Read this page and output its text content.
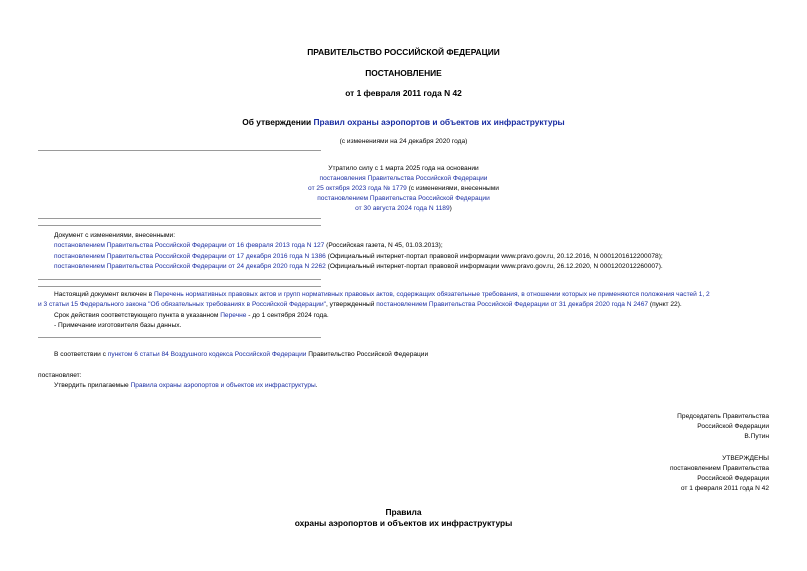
ПРАВИТЕЛЬСТВО РОССИЙСКОЙ ФЕДЕРАЦИИ
ПОСТАНОВЛЕНИЕ
от 1 февраля 2011 года N 42
Об утверждении Правил охраны аэропортов и объектов их инфраструктуры
(с изменениями на 24 декабря 2020 года)
Утратило силу с 1 марта 2025 года на основании
постановления Правительства Российской Федерации
от 25 октября 2023 года № 1779 (с изменениями, внесенными
постановлением Правительства Российской Федерации
от 30 августа 2024 года N 1189)
Документ с изменениями, внесенными:
постановлением Правительства Российской Федерации от 16 февраля 2013 года N 127 (Российская газета, N 45, 01.03.2013);
постановлением Правительства Российской Федерации от 17 декабря 2016 года N 1386 (Официальный интернет-портал правовой информации www.pravo.gov.ru, 20.12.2016, N 0001201612200078);
постановлением Правительства Российской Федерации от 24 декабря 2020 года N 2262 (Официальный интернет-портал правовой информации www.pravo.gov.ru, 26.12.2020, N 0001202012260007).
Настоящий документ включен в Перечень нормативных правовых актов и групп нормативных правовых актов, содержащих обязательные требования, в отношении которых не применяются положения частей 1, 2
и 3 статьи 15 Федерального закона "Об обязательных требованиях в Российской Федерации", утвержденный постановлением Правительства Российской Федерации от 31 декабря 2020 года N 2467 (пункт 22).
Срок действия соответствующего пункта в указанном Перечне - до 1 сентября 2024 года.
- Примечание изготовителя базы данных.
В соответствии с пунктом 6 статьи 84 Воздушного кодекса Российской Федерации Правительство Российской Федерации
постановляет:
Утвердить прилагаемые Правила охраны аэропортов и объектов их инфраструктуры.
Председатель Правительства
Российской Федерации
В.Путин
УТВЕРЖДЕНЫ
постановлением Правительства
Российской Федерации
от 1 февраля 2011 года N 42
Правила
охраны аэропортов и объектов их инфраструктуры
